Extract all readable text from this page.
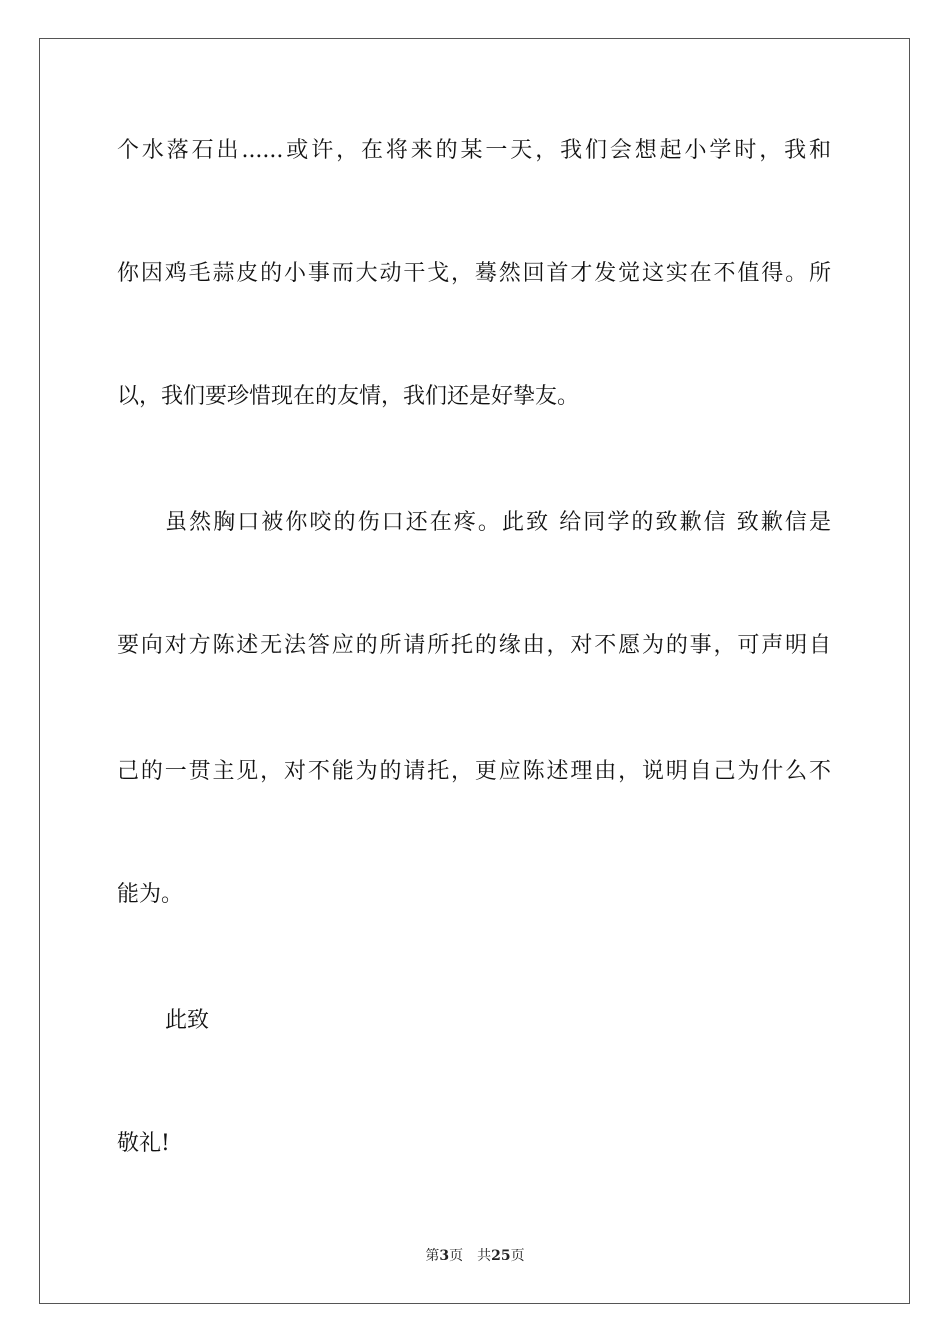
个水落石出......或许，在将来的某一天，我们会想起小学时，我和
你因鸡毛蒜皮的小事而大动干戈，蓦然回首才发觉这实在不值得。所
以，我们要珍惜现在的友情，我们还是好挚友。
虽然胸口被你咬的伤口还在疼。此致 给同学的致歉信 致歉信是
要向对方陈述无法答应的所请所托的缘由，对不愿为的事，可声明自
己的一贯主见，对不能为的请托，更应陈述理由，说明自己为什么不
能为。
此致
敬礼!
第3页 共25页
